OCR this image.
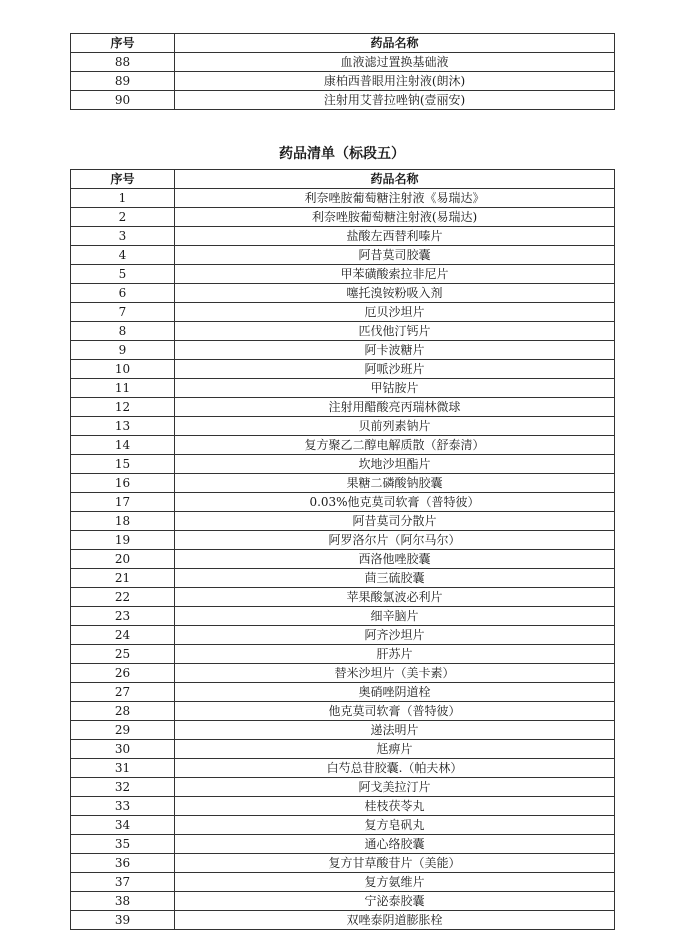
序号	药品名称
88	血液滤过置换基础液
89	康柏西普眼用注射液(朗沐)
90	注射用艾普拉唑钠(壹丽安)
药品清单（标段五）
序号	药品名称
1	利奈唑胺葡萄糖注射液《易瑞达》
2	利奈唑胺葡萄糖注射液(易瑞达)
3	盐酸左西替利嗪片
4	阿昔莫司胶囊
5	甲苯磺酸索拉非尼片
6	噻托溴铵粉吸入剂
7	厄贝沙坦片
8	匹伐他汀钙片
9	阿卡波糖片
10	阿哌沙班片
11	甲钴胺片
12	注射用醋酸亮丙瑞林微球
13	贝前列素钠片
14	复方聚乙二醇电解质散（舒泰清）
15	坎地沙坦酯片
16	果糖二磷酸钠胶囊
17	0.03%他克莫司软膏（普特彼）
18	阿昔莫司分散片
19	阿罗洛尔片（阿尔马尔）
20	西洛他唑胶囊
21	茴三硫胶囊
22	苹果酸氯波必利片
23	细辛脑片
24	阿齐沙坦片
25	肝苏片
26	替米沙坦片（美卡素）
27	奥硝唑阴道栓
28	他克莫司软膏（普特彼）
29	递法明片
30	尪痹片
31	白芍总苷胶囊.（帕夫林）
32	阿戈美拉汀片
33	桂枝茯苓丸
34	复方皂矾丸
35	通心络胶囊
36	复方甘草酸苷片（美能）
37	复方氨维片
38	宁泌泰胶囊
39	双唑泰阴道膨胀栓
